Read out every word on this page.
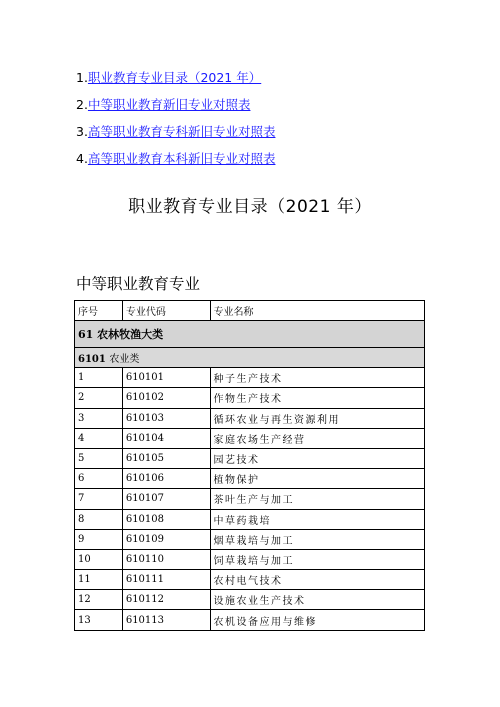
1.职业教育专业目录（2021 年）
2.中等职业教育新旧专业对照表
3.高等职业教育专科新旧专业对照表
4.高等职业教育本科新旧专业对照表
职业教育专业目录（2021 年）
中等职业教育专业
序号	专业代码	专业名称
61 农林牧渔大类		
6101 农业类		
1	610101	种子生产技术
2	610102	作物生产技术
3	610103	循环农业与再生资源利用
4	610104	家庭农场生产经营
5	610105	园艺技术
6	610106	植物保护
7	610107	茶叶生产与加工
8	610108	中草药栽培
9	610109	烟草栽培与加工
10	610110	饲草栽培与加工
11	610111	农村电气技术
12	610112	设施农业生产技术
13	610113	农机设备应用与维修
